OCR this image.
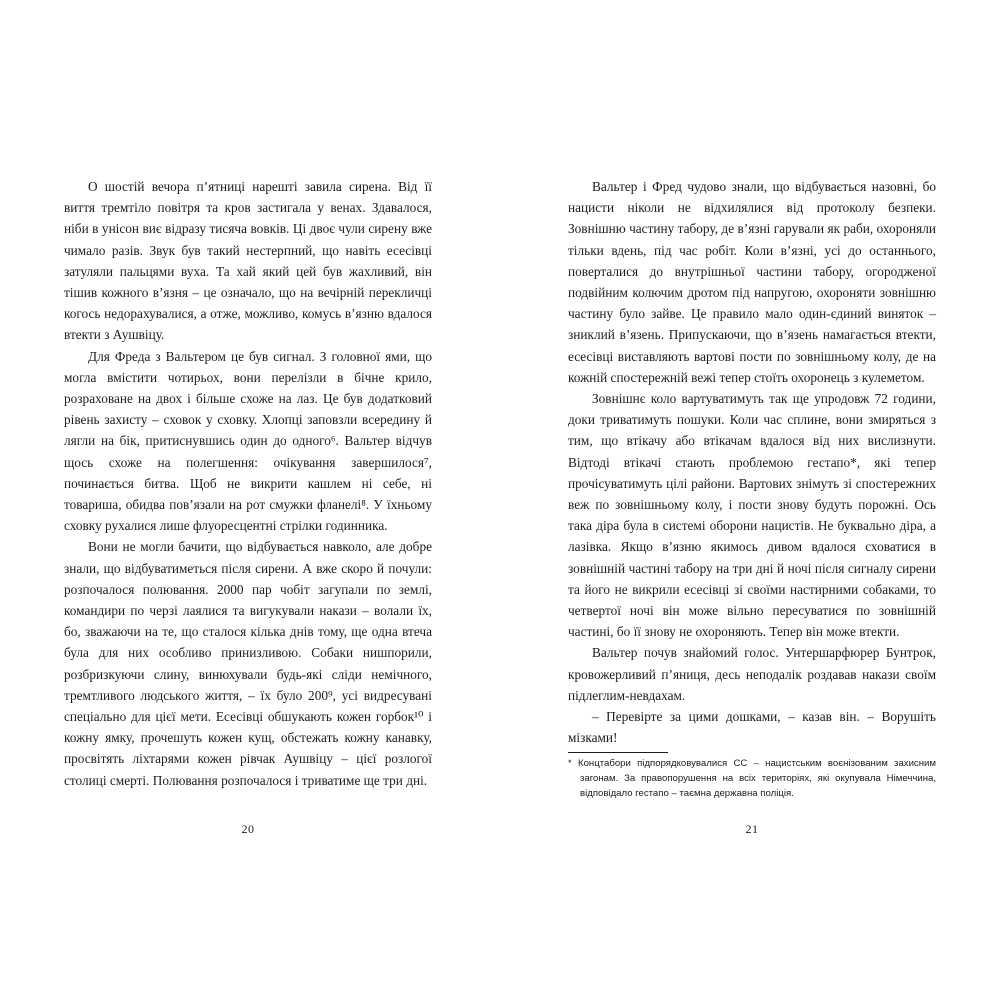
О шостій вечора п’ятниці нарешті завила сирена. Від її виття тремтіло повітря та кров застигала у венах. Здавалося, ніби в унісон виє відразу тисяча вовків. Ці двоє чули сирену вже чимало разів. Звук був такий нестерпний, що навіть есесівці затуляли пальцями вуха. Та хай який цей був жахливий, він тішив кожного в’язня – це означало, що на вечірній перекличці когось недорахувалися, а отже, можливо, комусь в’язню вдалося втекти з Аушвіцу.

Для Фреда з Вальтером це був сигнал. З головної ями, що могла вмістити чотирьох, вони перелізли в бічне крило, розраховане на двох і більше схоже на лаз. Це був додатковий рівень захисту – сховок у сховку. Хлопці заповзли всередину й лягли на бік, притиснувшись один до одного⁶. Вальтер відчув щось схоже на полегшення: очікування завершилося⁷, починається битва. Щоб не викрити кашлем ні себе, ні товариша, обидва пов’язали на рот смужки фланелі⁸. У їхньому сховку рухалися лише флуоресцентні стрілки годинника.

Вони не могли бачити, що відбувається навколо, але добре знали, що відбуватиметься після сирени. А вже скоро й почули: розпочалося полювання. 2000 пар чобіт загупали по землі, командири по черзі лаялися та вигукували накази – волали їх, бо, зважаючи на те, що сталося кілька днів тому, ще одна втеча була для них особливо принизливою. Собаки нишпорили, розбризкуючи слину, винюхували будь-які сліди немічного, тремтливого людського життя, – їх було 200⁹, усі видресувані спеціально для цієї мети. Есесівці обшукають кожен горбок¹⁰ і кожну ямку, прочешуть кожен кущ, обстежать кожну канавку, просвітять ліхтарями кожен рівчак Аушвіцу – цієї розлогої столиці смерті. Полювання розпочалося і триватиме ще три дні.

20

Вальтер і Фред чудово знали, що відбувається назовні, бо нацисти ніколи не відхилялися від протоколу безпеки. Зовнішню частину табору, де в’язні гарували як раби, охороняли тільки вдень, під час робіт. Коли в’язні, усі до останнього, поверталися до внутрішньої частини табору, огородженої подвійним колючим дротом під напругою, охороняти зовнішню частину було зайве. Це правило мало один-єдиний виняток – зниклий в’язень. Припускаючи, що в’язень намагається втекти, есесівці виставляють вартові пости по зовнішньому колу, де на кожній спостережній вежі тепер стоїть охоронець з кулеметом.

Зовнішнє коло вартуватимуть так ще упродовж 72 години, доки триватимуть пошуки. Коли час сплине, вони змиряться з тим, що втікачу або втікачам вдалося від них вислизнути. Відтоді втікачі стають проблемою гестапо*, які тепер прочісуватимуть цілі райони. Вартових знімуть зі спостережних веж по зовнішньому колу, і пости знову будуть порожні. Ось така діра була в системі оборони нацистів. Не буквально діра, а лазівка. Якщо в’язню якимось дивом вдалося сховатися в зовнішній частині табору на три дні й ночі після сигналу сирени та його не викрили есесівці зі своїми настирними собаками, то четвертої ночі він може вільно пересуватися по зовнішній частині, бо її знову не охороняють. Тепер він може втекти.

Вальтер почув знайомий голос. Унтершарфюрер Бунтрок, кровожерливий п’яниця, десь неподалік роздавав накази своїм підлеглим-невдахам.

– Перевірте за цими дошками, – казав він. – Ворушіть мізками!

* Концтабори підпорядковувалися СС – нацистським воєнізованим захисним загонам. За правопорушення на всіх територіях, які окупувала Німеччина, відповідало гестапо – таємна державна поліція.

21
